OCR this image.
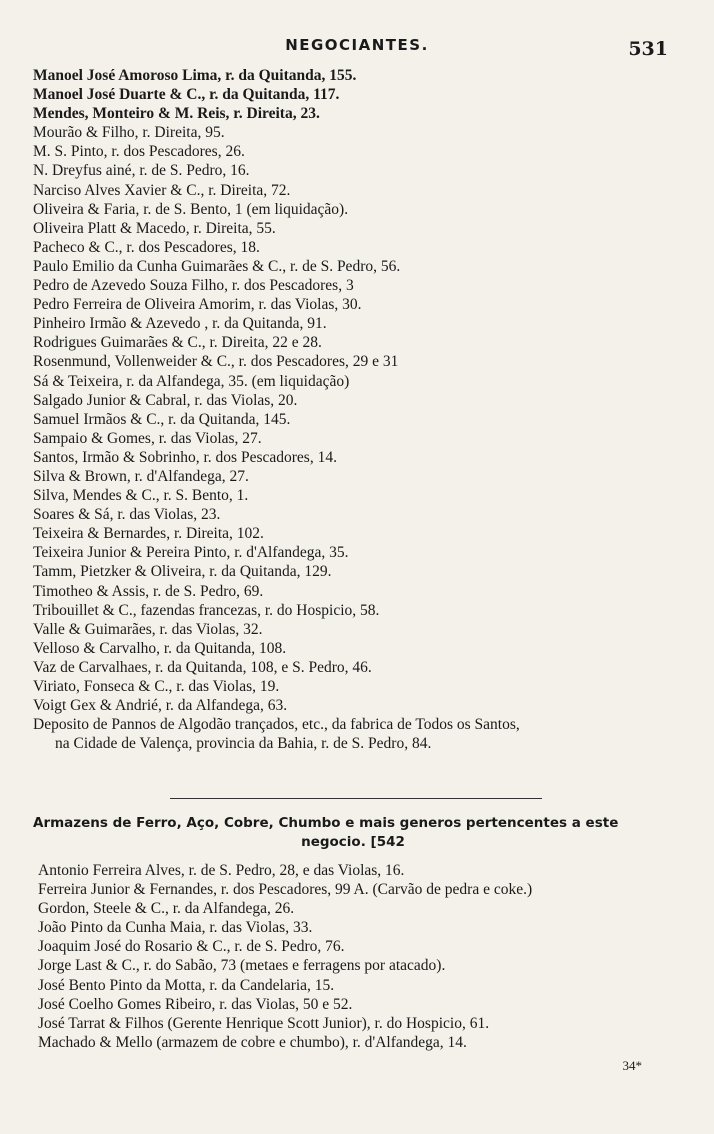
NEGOCIANTES.	531
Manoel José Amoroso Lima, r. da Quitanda, 155.
Manoel José Duarte & C., r. da Quitanda, 117.
Mendes, Monteiro & M. Reis, r. Direita, 23.
Mourão & Filho, r. Direita, 95.
M. S. Pinto, r. dos Pescadores, 26.
N. Dreyfus ainé, r. de S. Pedro, 16.
Narciso Alves Xavier & C., r. Direita, 72.
Oliveira & Faria, r. de S. Bento, 1 (em liquidação).
Oliveira Platt & Macedo, r. Direita, 55.
Pacheco & C., r. dos Pescadores, 18.
Paulo Emilio da Cunha Guimarães & C., r. de S. Pedro, 56.
Pedro de Azevedo Souza Filho, r. dos Pescadores, 3
Pedro Ferreira de Oliveira Amorim, r. das Violas, 30.
Pinheiro Irmão & Azevedo , r. da Quitanda, 91.
Rodrigues Guimarães & C., r. Direita, 22 e 28.
Rosenmund, Vollenweider & C., r. dos Pescadores, 29 e 31
Sá & Teixeira, r. da Alfandega, 35. (em liquidação)
Salgado Junior & Cabral, r. das Violas, 20.
Samuel Irmãos & C., r. da Quitanda, 145.
Sampaio & Gomes, r. das Violas, 27.
Santos, Irmão & Sobrinho, r. dos Pescadores, 14.
Silva & Brown, r. d'Alfandega, 27.
Silva, Mendes & C., r. S. Bento, 1.
Soares & Sá, r. das Violas, 23.
Teixeira & Bernardes, r. Direita, 102.
Teixeira Junior & Pereira Pinto, r. d'Alfandega, 35.
Tamm, Pietzker & Oliveira, r. da Quitanda, 129.
Timotheo & Assis, r. de S. Pedro, 69.
Tribouillet & C., fazendas francezas, r. do Hospicio, 58.
Valle & Guimarães, r. das Violas, 32.
Velloso & Carvalho, r. da Quitanda, 108.
Vaz de Carvalhaes, r. da Quitanda, 108, e S. Pedro, 46.
Viriato, Fonseca & C., r. das Violas, 19.
Voigt Gex & Andrié, r. da Alfandega, 63.
Deposito de Pannos de Algodão trançados, etc., da fabrica de Todos os Santos,
na Cidade de Valença, provincia da Bahia, r. de S. Pedro, 84.
Armazens de Ferro, Aço, Cobre, Chumbo e mais generos pertencentes a este
negocio. [542
Antonio Ferreira Alves, r. de S. Pedro, 28, e das Violas, 16.
Ferreira Junior & Fernandes, r. dos Pescadores, 99 A. (Carvão de pedra e coke.)
Gordon, Steele & C., r. da Alfandega, 26.
João Pinto da Cunha Maia, r. das Violas, 33.
Joaquim José do Rosario & C., r. de S. Pedro, 76.
Jorge Last & C., r. do Sabão, 73 (metaes e ferragens por atacado).
José Bento Pinto da Motta, r. da Candelaria, 15.
José Coelho Gomes Ribeiro, r. das Violas, 50 e 52.
José Tarrat & Filhos (Gerente Henrique Scott Junior), r. do Hospicio, 61.
Machado & Mello (armazem de cobre e chumbo), r. d'Alfandega, 14.
34*
